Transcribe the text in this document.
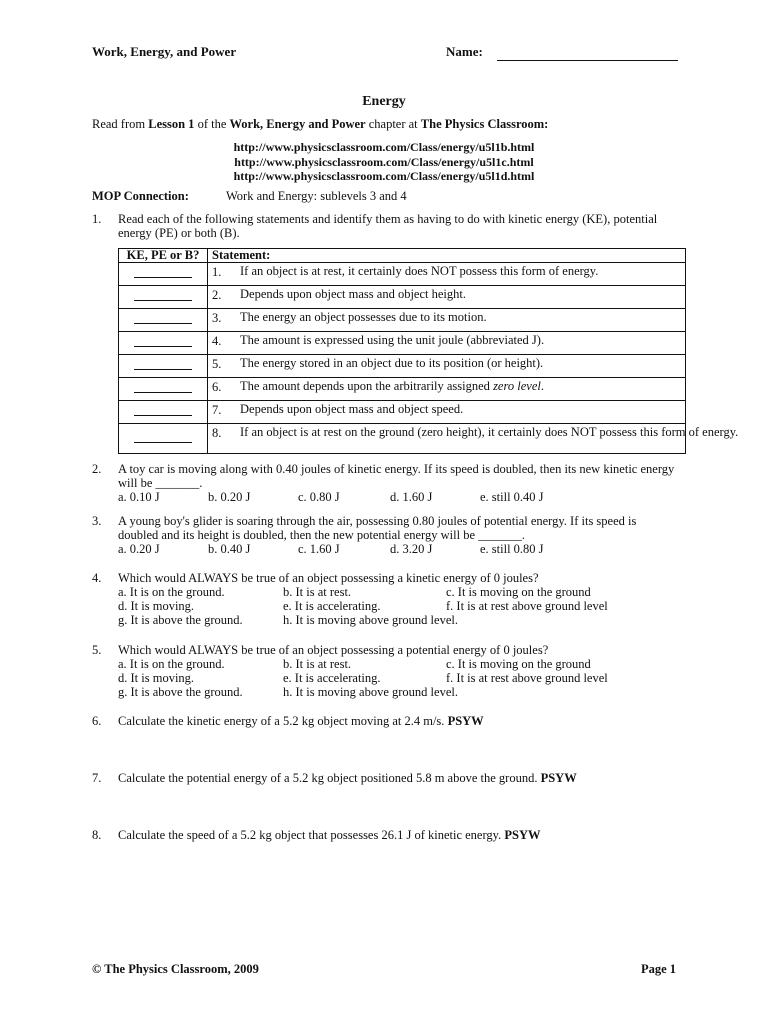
Work, Energy, and Power	Name:
Energy
Read from Lesson 1 of the Work, Energy and Power chapter at The Physics Classroom:
http://www.physicsclassroom.com/Class/energy/u5l1b.html
http://www.physicsclassroom.com/Class/energy/u5l1c.html
http://www.physicsclassroom.com/Class/energy/u5l1d.html
MOP Connection:	Work and Energy: sublevels 3 and 4
1. Read each of the following statements and identify them as having to do with kinetic energy (KE), potential energy (PE) or both (B).
KE, PE or B?	Statement:

	1. If an object is at rest, it certainly does NOT possess this form of energy.

	2. Depends upon object mass and object height.

	3. The energy an object possesses due to its motion.

	4. The amount is expressed using the unit joule (abbreviated J).

	5. The energy stored in an object due to its position (or height).

	6. The amount depends upon the arbitrarily assigned zero level.

	7. Depends upon object mass and object speed.

	8. If an object is at rest on the ground (zero height), it certainly does NOT possess this form of energy.
2. A toy car is moving along with 0.40 joules of kinetic energy. If its speed is doubled, then its new kinetic energy will be _______.
a. 0.10 J	b. 0.20 J	c. 0.80 J	d. 1.60 J	e. still 0.40 J
3. A young boy's glider is soaring through the air, possessing 0.80 joules of potential energy. If its speed is doubled and its height is doubled, then the new potential energy will be _______.
a. 0.20 J	b. 0.40 J	c. 1.60 J	d. 3.20 J	e. still 0.80 J
4. Which would ALWAYS be true of an object possessing a kinetic energy of 0 joules?
a. It is on the ground.	b. It is at rest.	c. It is moving on the ground
d. It is moving.	e. It is accelerating.	f. It is at rest above ground level
g. It is above the ground.	h. It is moving above ground level.
5. Which would ALWAYS be true of an object possessing a potential energy of 0 joules?
a. It is on the ground.	b. It is at rest.	c. It is moving on the ground
d. It is moving.	e. It is accelerating.	f. It is at rest above ground level
g. It is above the ground.	h. It is moving above ground level.
6. Calculate the kinetic energy of a 5.2 kg object moving at 2.4 m/s. PSYW
7. Calculate the potential energy of a 5.2 kg object positioned 5.8 m above the ground. PSYW
8. Calculate the speed of a 5.2 kg object that possesses 26.1 J of kinetic energy. PSYW
© The Physics Classroom, 2009	Page 1
